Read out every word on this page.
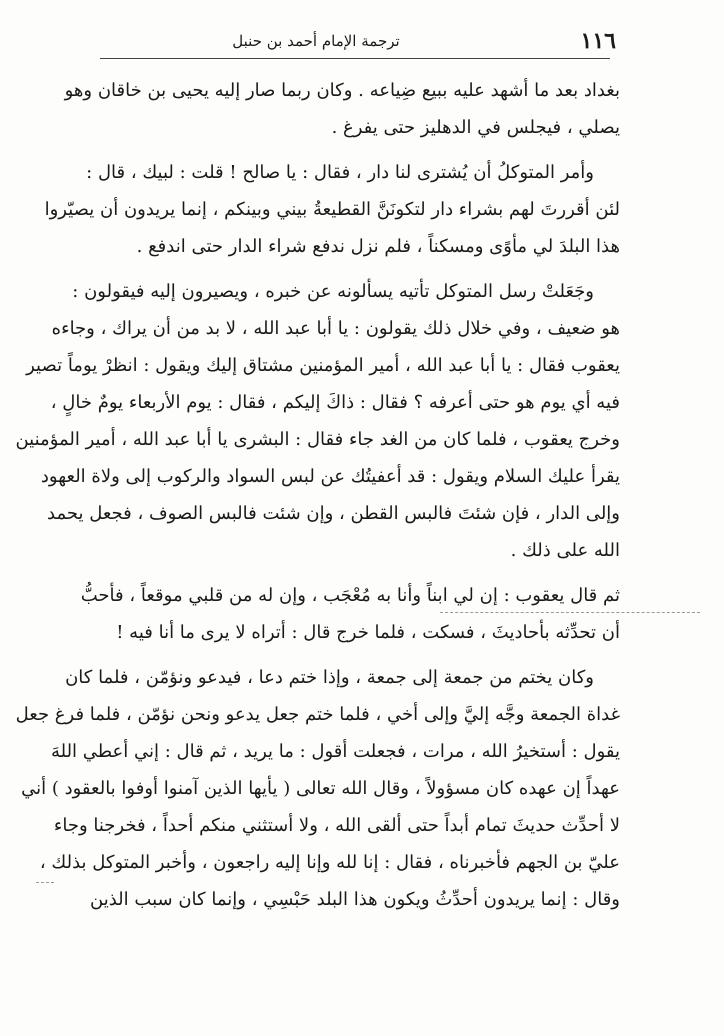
١١٦
ترجمة الإمام أحمد بن حنبل
بغداد بعد ما أشهد عليه ببيع ضِياعه . وكان ربما صار إليه يحيى بن خاقان وهو
يصلي ، فيجلس في الدهليز حتى يفرغ .
وأمر المتوكلُ أن يُشترى لنا دار ، فقال : يا صالح ! قلت : لبيك ، قال :
لئن أقررتَ لهم بشراء دار لتكونَنَّ القطيعةُ بيني وبينكم ، إنما يريدون أن يصيّروا
هذا البلدَ لي مأوًى ومسكناً ، فلم نزل ندفع شراء الدار حتى اندفع .
وجَعَلتْ رسل المتوكل تأتيه يسألونه عن خبره ، ويصيرون إليه فيقولون :
هو ضعيف ، وفي خلال ذلك يقولون : يا أبا عبد الله ، لا بد من أن يراك ، وجاءه
يعقوب فقال : يا أبا عبد الله ، أمير المؤمنين مشتاق إليك ويقول : انظرْ يوماً تصير
فيه أي يوم هو حتى أعرفه ؟ فقال : ذاكَ إليكم ، فقال : يوم الأربعاء يومٌ خالٍ ،
وخرج يعقوب ، فلما كان من الغد جاء فقال : البشرى يا أبا عبد الله ، أمير المؤمنين
يقرأ عليك السلام ويقول : قد أعفيتُك عن لبس السواد والركوب إلى ولاة العهود
وإلى الدار ، فإن شئتَ فالبس القطن ، وإن شئت فالبس الصوف ، فجعل يحمد
الله على ذلك .
ثم قال يعقوب : إن لي ابناً وأنا به مُعْجَب ، وإن له من قلبي موقعاً ، فأحبُّ
أن تحدِّثه بأحاديثَ ، فسكت ، فلما خرج قال : أتراه لا يرى ما أنا فيه !
وكان يختم من جمعة إلى جمعة ، وإذا ختم دعا ، فيدعو ونؤمّن ، فلما كان
غداة الجمعة وجَّه إليَّ وإلى أخي ، فلما ختم جعل يدعو ونحن نؤمّن ، فلما فرغ جعل
يقول : أستخيرُ الله ، مرات ، فجعلت أقول : ما يريد ، ثم قال : إني أعطي اللهَ
عهداً إن عهده كان مسؤولاً ، وقال الله تعالى ( يأيها الذين آمنوا أوفوا بالعقود ) أني
لا أحدِّث حديثَ تمام أبداً حتى ألقى الله ، ولا أستثني منكم أحداً ، فخرجنا وجاء
عليّ بن الجهم فأخبرناه ، فقال : إنا لله وإنا إليه راجعون ، وأخبر المتوكل بذلك ،
وقال : إنما يريدون أحدِّثُ ويكون هذا البلد حَبْسِي ، وإنما كان سبب الذين
